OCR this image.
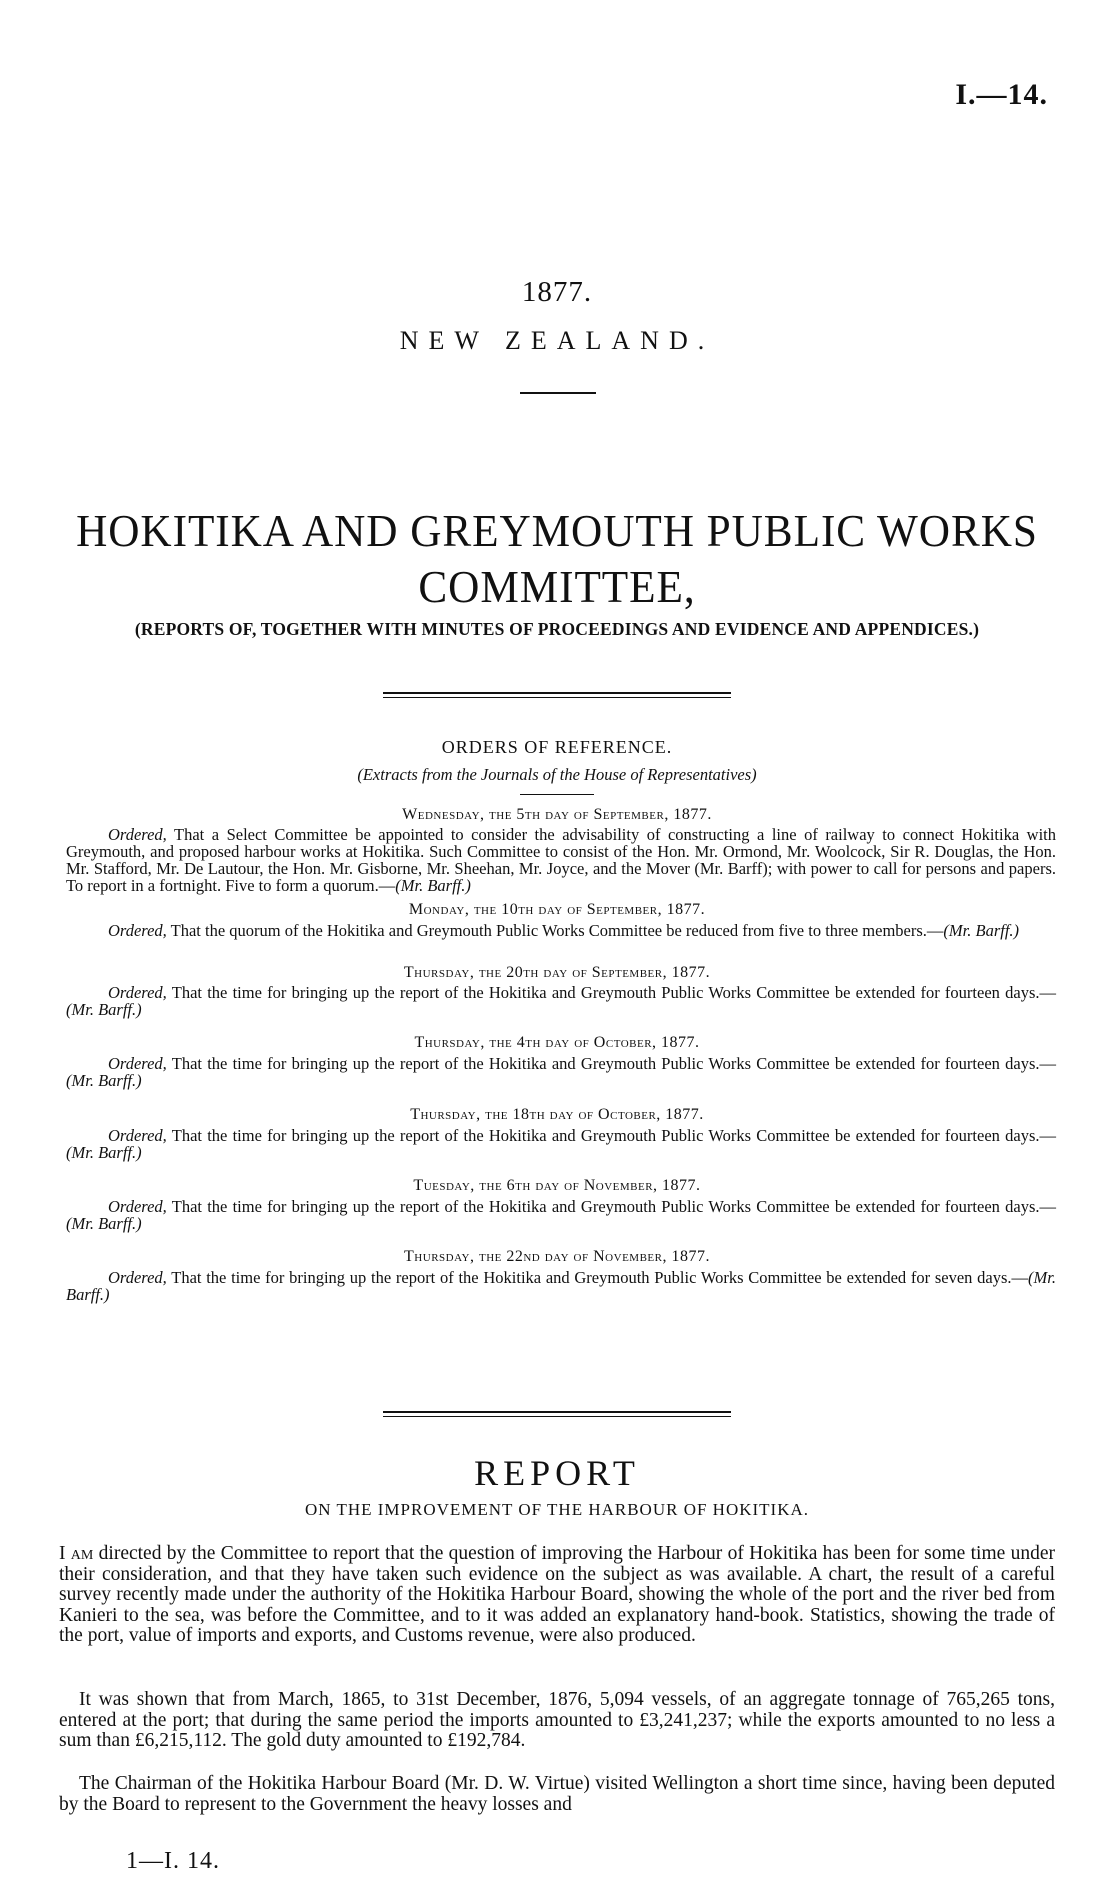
I.—14.
1877.
NEW ZEALAND.
HOKITIKA AND GREYMOUTH PUBLIC WORKS
COMMITTEE,
(REPORTS OF, TOGETHER WITH MINUTES OF PROCEEDINGS AND EVIDENCE AND APPENDICES.)
ORDERS OF REFERENCE.
(Extracts from the Journals of the House of Representatives)
Wednesday, the 5th day of September, 1877.
Ordered, That a Select Committee be appointed to consider the advisability of constructing a line of railway to connect Hokitika with Greymouth, and proposed harbour works at Hokitika. Such Committee to consist of the Hon. Mr. Ormond, Mr. Woolcock, Sir R. Douglas, the Hon. Mr. Stafford, Mr. De Lautour, the Hon. Mr. Gisborne, Mr. Sheehan, Mr. Joyce, and the Mover (Mr. Barff); with power to call for persons and papers. To report in a fortnight. Five to form a quorum.—(Mr. Barff.)
Monday, the 10th day of September, 1877.
Ordered, That the quorum of the Hokitika and Greymouth Public Works Committee be reduced from five to three members.—(Mr. Barff.)
Thursday, the 20th day of September, 1877.
Ordered, That the time for bringing up the report of the Hokitika and Greymouth Public Works Committee be extended for fourteen days.—(Mr. Barff.)
Thursday, the 4th day of October, 1877.
Ordered, That the time for bringing up the report of the Hokitika and Greymouth Public Works Committee be extended for fourteen days.—(Mr. Barff.)
Thursday, the 18th day of October, 1877.
Ordered, That the time for bringing up the report of the Hokitika and Greymouth Public Works Committee be extended for fourteen days.—(Mr. Barff.)
Tuesday, the 6th day of November, 1877.
Ordered, That the time for bringing up the report of the Hokitika and Greymouth Public Works Committee be extended for fourteen days.—(Mr. Barff.)
Thursday, the 22nd day of November, 1877.
Ordered, That the time for bringing up the report of the Hokitika and Greymouth Public Works Committee be extended for seven days.—(Mr. Barff.)
REPORT
ON THE IMPROVEMENT OF THE HARBOUR OF HOKITIKA.
I am directed by the Committee to report that the question of improving the Harbour of Hokitika has been for some time under their consideration, and that they have taken such evidence on the subject as was available. A chart, the result of a careful survey recently made under the authority of the Hokitika Harbour Board, showing the whole of the port and the river bed from Kanieri to the sea, was before the Committee, and to it was added an explanatory hand-book. Statistics, showing the trade of the port, value of imports and exports, and Customs revenue, were also produced.
It was shown that from March, 1865, to 31st December, 1876, 5,094 vessels, of an aggregate tonnage of 765,265 tons, entered at the port; that during the same period the imports amounted to £3,241,237; while the exports amounted to no less a sum than £6,215,112. The gold duty amounted to £192,784.
The Chairman of the Hokitika Harbour Board (Mr. D. W. Virtue) visited Wellington a short time since, having been deputed by the Board to represent to the Government the heavy losses and
1—I. 14.
